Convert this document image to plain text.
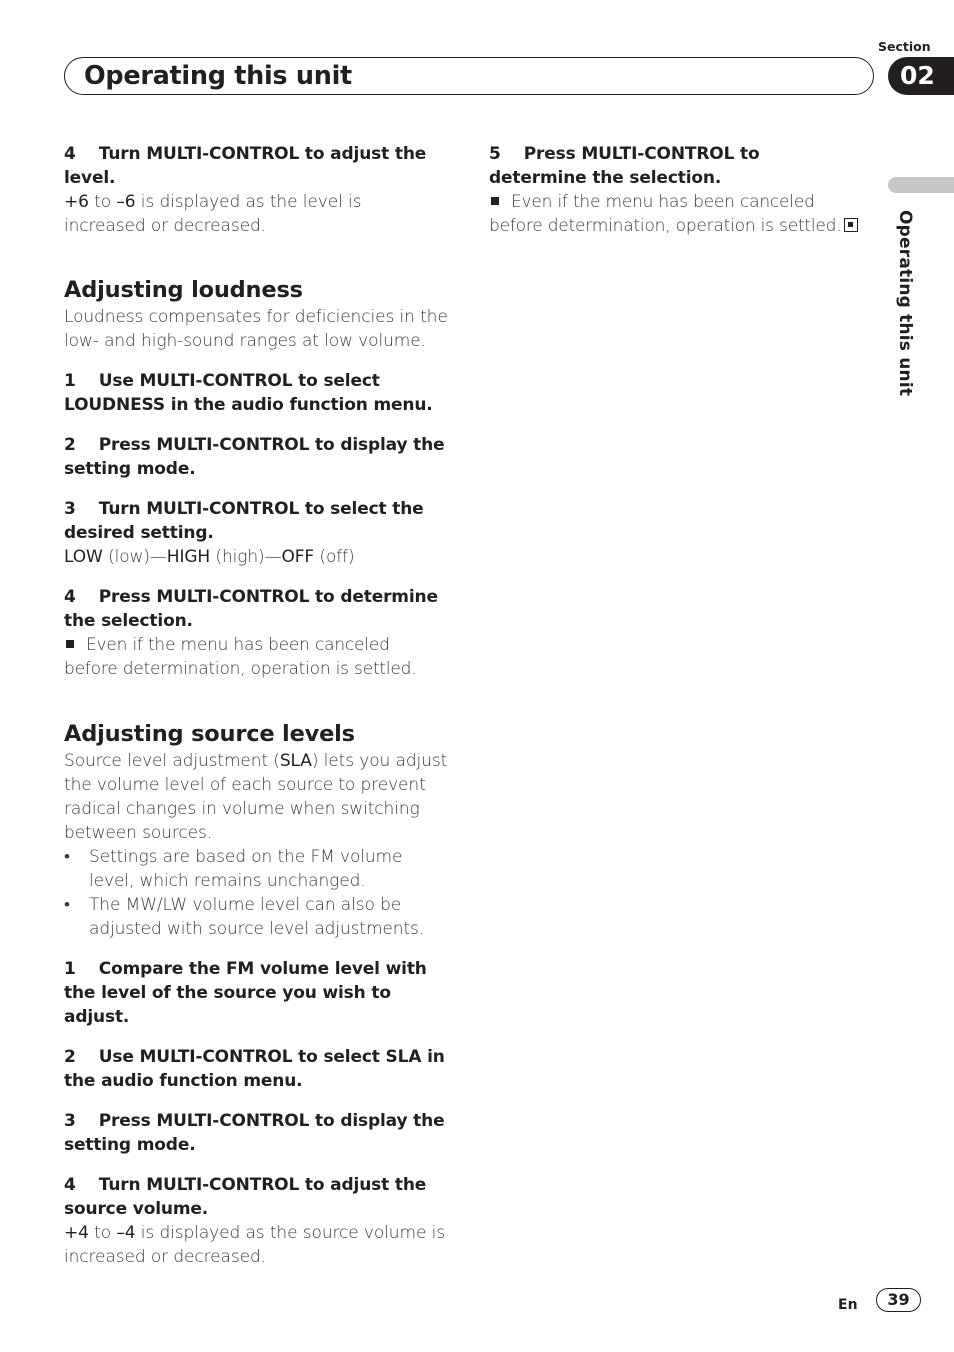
Operating this unit
Section
02
Operating this unit

4    Turn MULTI-CONTROL to adjust the level.

+6 to –6 is displayed as the level is increased or decreased.

Adjusting loudness

Loudness compensates for deficiencies in the low- and high-sound ranges at low volume.

1    Use MULTI-CONTROL to select LOUDNESS in the audio function menu.

2    Press MULTI-CONTROL to display the setting mode.

3    Turn MULTI-CONTROL to select the desired setting.

LOW (low)—HIGH (high)—OFF (off)

4    Press MULTI-CONTROL to determine the selection.

Even if the menu has been canceled before determination, operation is settled.

Adjusting source levels

Source level adjustment (SLA) lets you adjust the volume level of each source to prevent radical changes in volume when switching between sources.

• Settings are based on the FM volume level, which remains unchanged.

• The MW/LW volume level can also be adjusted with source level adjustments.

1    Compare the FM volume level with the level of the source you wish to adjust.

2    Use MULTI-CONTROL to select SLA in the audio function menu.

3    Press MULTI-CONTROL to display the setting mode.

4    Turn MULTI-CONTROL to adjust the source volume.

+4 to –4 is displayed as the source volume is increased or decreased.

5    Press MULTI-CONTROL to determine the selection.

Even if the menu has been canceled before determination, operation is settled.

En	39
